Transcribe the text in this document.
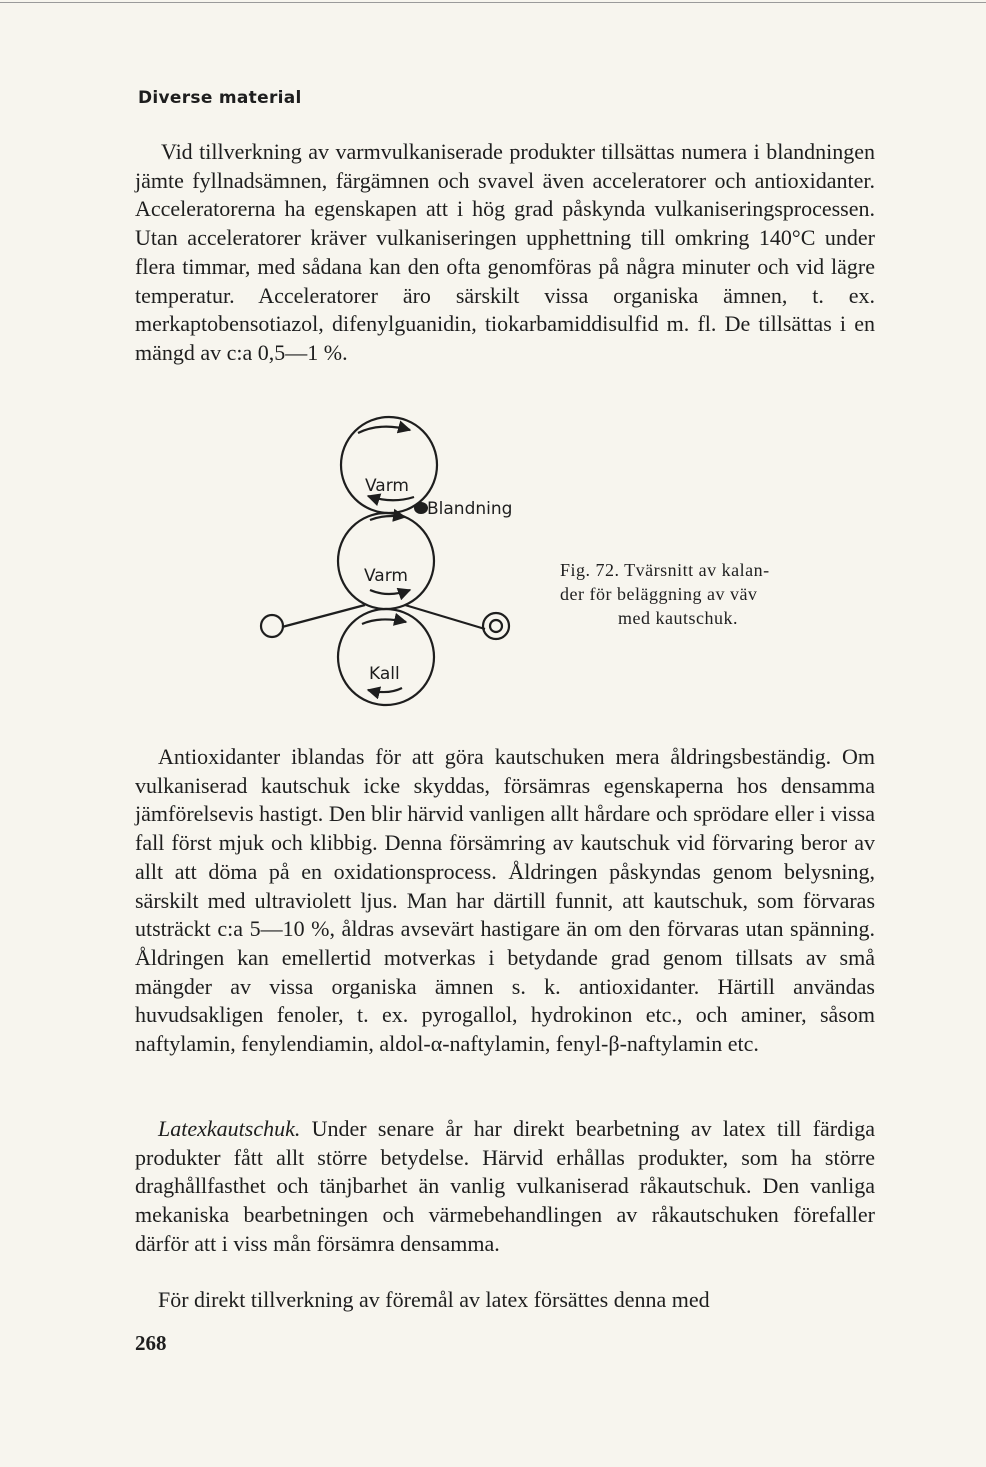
Diverse material

Vid tillverkning av varmvulkaniserade produkter tillsättas numera i blandningen jämte fyllnadsämnen, färgämnen och svavel även acceleratorer och antioxidanter. Acceleratorerna ha egenskapen att i hög grad påskynda vulkaniseringsprocessen. Utan acceleratorer kräver vulkaniseringen upphettning till omkring 140°C under flera timmar, med sådana kan den ofta genomföras på några minuter och vid lägre temperatur. Acceleratorer äro särskilt vissa organiska ämnen, t. ex. merkaptobensotiazol, difenylguanidin, tiokarbamiddisulfid m. fl. De tillsättas i en mängd av c:a 0,5—1 %.

Varm
Varm
Kall
Blandning
Fig. 72. Tvärsnitt av kalan-
der för beläggning av väv
med kautschuk.

Antioxidanter iblandas för att göra kautschuken mera åldringsbeständig. Om vulkaniserad kautschuk icke skyddas, försämras egenskaperna hos densamma jämförelsevis hastigt. Den blir härvid vanligen allt hårdare och sprödare eller i vissa fall först mjuk och klibbig. Denna försämring av kautschuk vid förvaring beror av allt att döma på en oxidationsprocess. Åldringen påskyndas genom belysning, särskilt med ultraviolett ljus. Man har därtill funnit, att kautschuk, som förvaras utsträckt c:a 5—10 %, åldras avsevärt hastigare än om den förvaras utan spänning. Åldringen kan emellertid motverkas i betydande grad genom tillsats av små mängder av vissa organiska ämnen s. k. antioxidanter. Härtill användas huvudsakligen fenoler, t. ex. pyrogallol, hydrokinon etc., och aminer, såsom naftylamin, fenylendiamin, aldol-α-naftylamin, fenyl-β-naftylamin etc.

Latexkautschuk. Under senare år har direkt bearbetning av latex till färdiga produkter fått allt större betydelse. Härvid erhållas produkter, som ha större draghållfasthet och tänjbarhet än vanlig vulkaniserad råkautschuk. Den vanliga mekaniska bearbetningen och värmebehandlingen av råkautschuken förefaller därför att i viss mån försämra densamma.

För direkt tillverkning av föremål av latex försättes denna med

268
